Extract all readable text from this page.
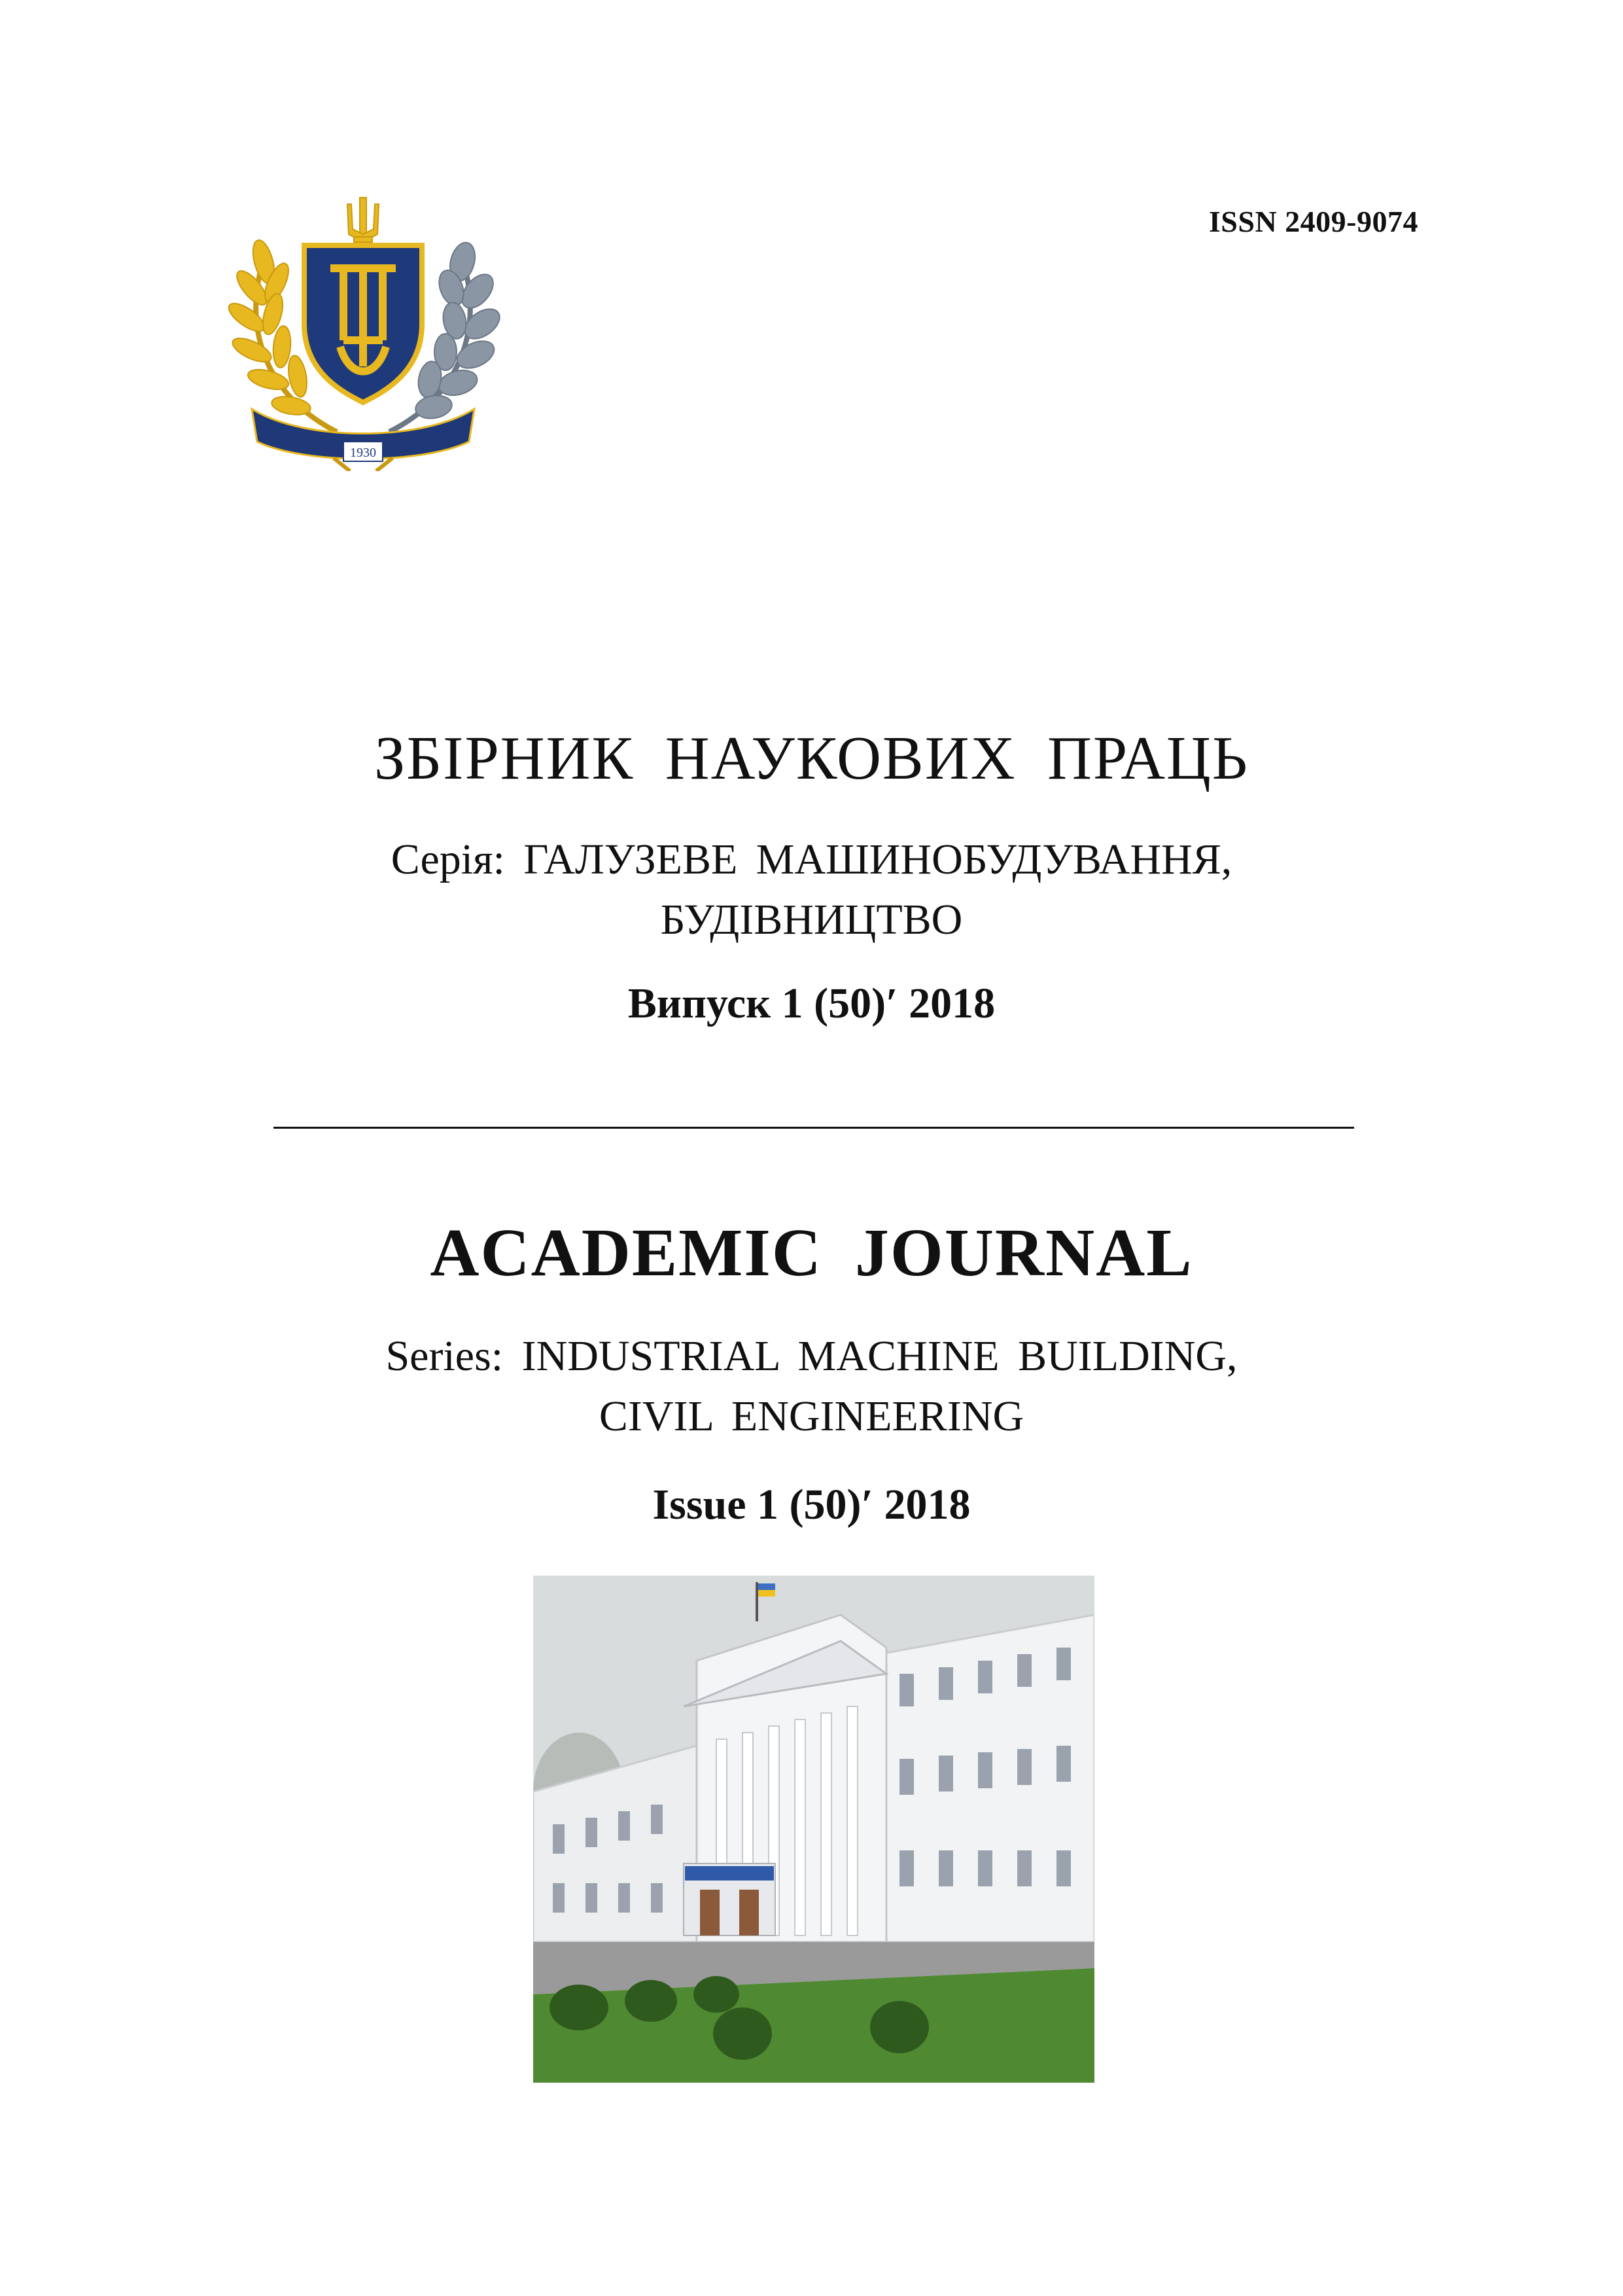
ISSN 2409-9074
1930
ЗБІРНИК НАУКОВИХ ПРАЦЬ
Серія: ГАЛУЗЕВЕ МАШИНОБУДУВАННЯ,
БУДІВНИЦТВО
Випуск 1 (50)′ 2018
ACADEMIC JOURNAL
Series: INDUSTRIAL MACHINE BUILDING,
CIVIL ENGINEERING
Issue 1 (50)′ 2018
